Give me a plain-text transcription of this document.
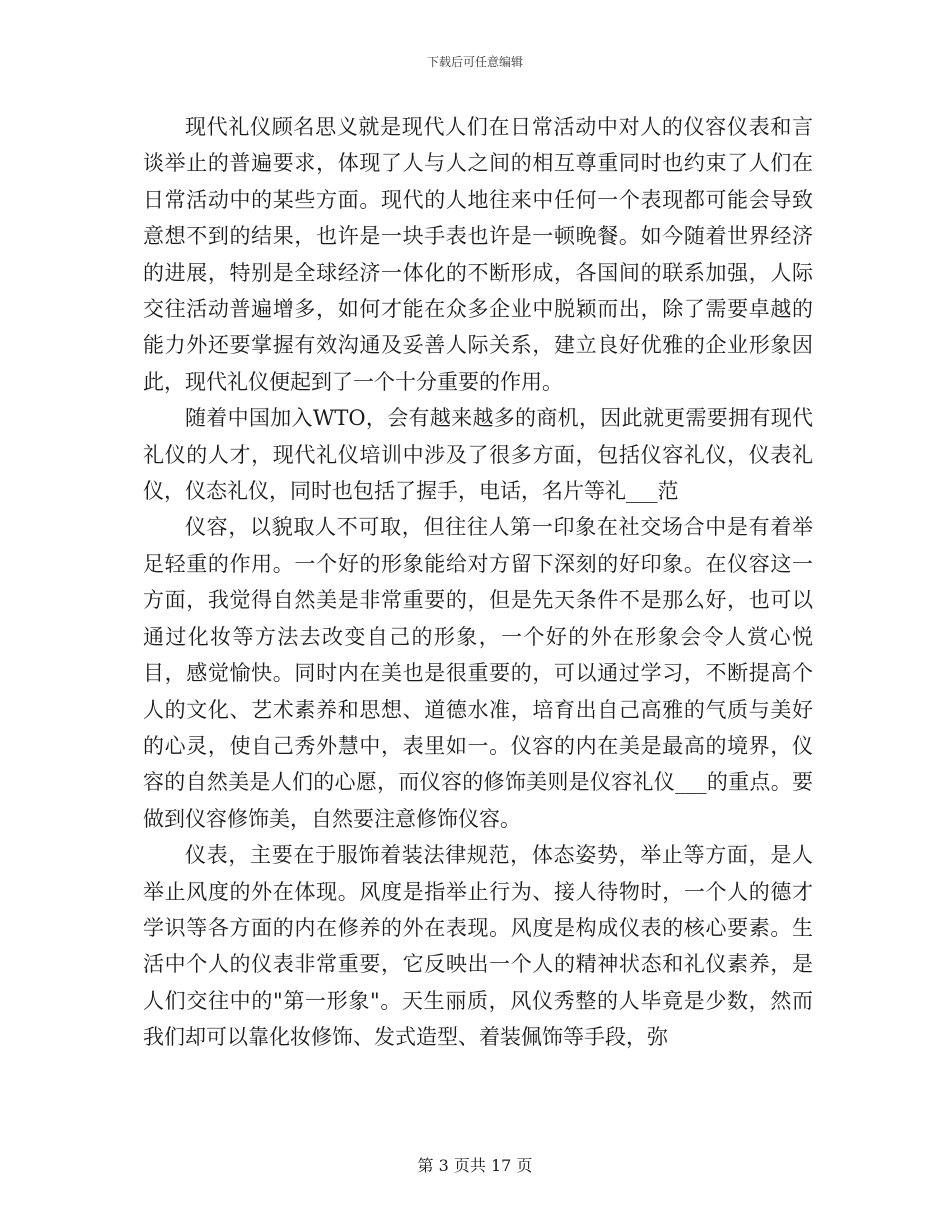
下载后可任意编辑

现代礼仪顾名思义就是现代人们在日常活动中对人的仪容仪表和言谈举止的普遍要求，体现了人与人之间的相互尊重同时也约束了人们在日常活动中的某些方面。现代的人地往来中任何一个表现都可能会导致意想不到的结果，也许是一块手表也许是一顿晚餐。如今随着世界经济的进展，特别是全球经济一体化的不断形成，各国间的联系加强，人际交往活动普遍增多，如何才能在众多企业中脱颖而出，除了需要卓越的能力外还要掌握有效沟通及妥善人际关系，建立良好优雅的企业形象因此，现代礼仪便起到了一个十分重要的作用。

随着中国加入WTO，会有越来越多的商机，因此就更需要拥有现代礼仪的人才，现代礼仪培训中涉及了很多方面，包括仪容礼仪，仪表礼仪，仪态礼仪，同时也包括了握手，电话，名片等礼___范

仪容，以貌取人不可取，但往往人第一印象在社交场合中是有着举足轻重的作用。一个好的形象能给对方留下深刻的好印象。在仪容这一方面，我觉得自然美是非常重要的，但是先天条件不是那么好，也可以通过化妆等方法去改变自己的形象，一个好的外在形象会令人赏心悦目，感觉愉快。同时内在美也是很重要的，可以通过学习，不断提高个人的文化、艺术素养和思想、道德水准，培育出自己高雅的气质与美好的心灵，使自己秀外慧中，表里如一。仪容的内在美是最高的境界，仪容的自然美是人们的心愿，而仪容的修饰美则是仪容礼仪___的重点。要做到仪容修饰美，自然要注意修饰仪容。

仪表，主要在于服饰着装法律规范，体态姿势，举止等方面，是人举止风度的外在体现。风度是指举止行为、接人待物时，一个人的德才学识等各方面的内在修养的外在表现。风度是构成仪表的核心要素。生活中个人的仪表非常重要，它反映出一个人的精神状态和礼仪素养，是人们交往中的"第一形象"。天生丽质，风仪秀整的人毕竟是少数，然而我们却可以靠化妆修饰、发式造型、着装佩饰等手段，弥

第 3 页共 17 页
